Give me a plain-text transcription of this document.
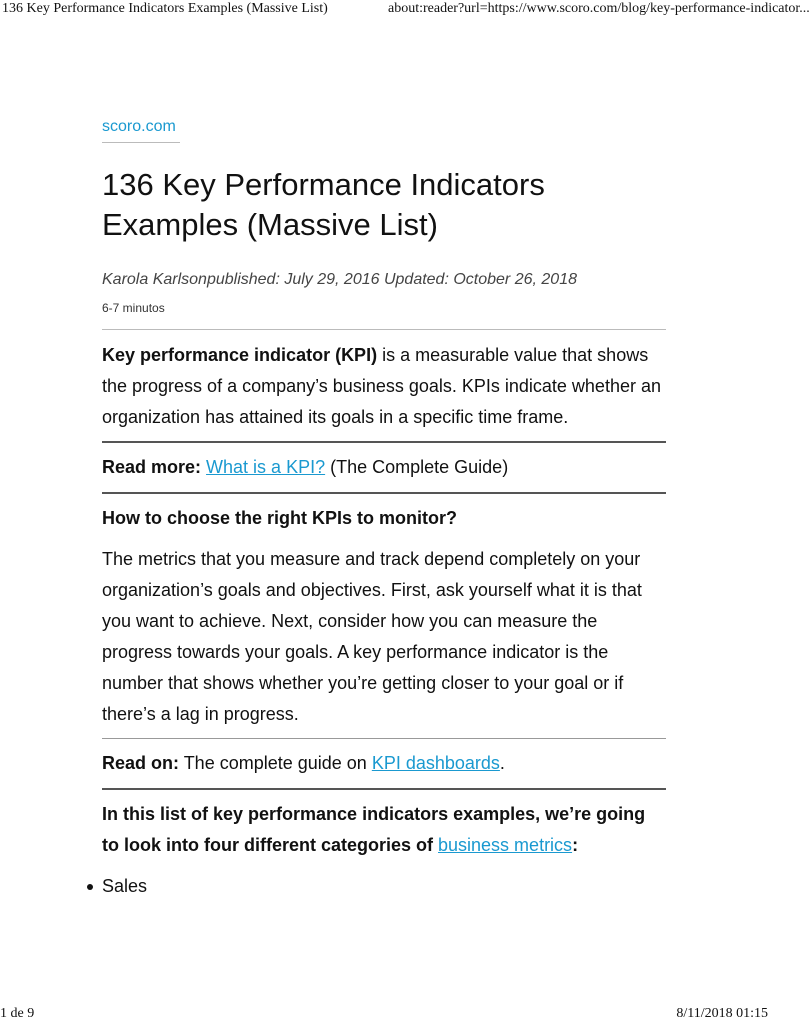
136 Key Performance Indicators Examples (Massive List)	about:reader?url=https://www.scoro.com/blog/key-performance-indicator...
scoro.com
136 Key Performance Indicators Examples (Massive List)
Karola Karlsonpublished: July 29, 2016 Updated: October 26, 2018
6-7 minutos

Key performance indicator (KPI) is a measurable value that shows the progress of a company’s business goals. KPIs indicate whether an organization has attained its goals in a specific time frame.

Read more: What is a KPI? (The Complete Guide)
How to choose the right KPIs to monitor?

The metrics that you measure and track depend completely on your organization’s goals and objectives. First, ask yourself what it is that you want to achieve. Next, consider how you can measure the progress towards your goals. A key performance indicator is the number that shows whether you’re getting closer to your goal or if there’s a lag in progress.

Read on: The complete guide on KPI dashboards.
In this list of key performance indicators examples, we’re going to look into four different categories of business metrics:
Sales
1 de 9	8/11/2018 01:15
